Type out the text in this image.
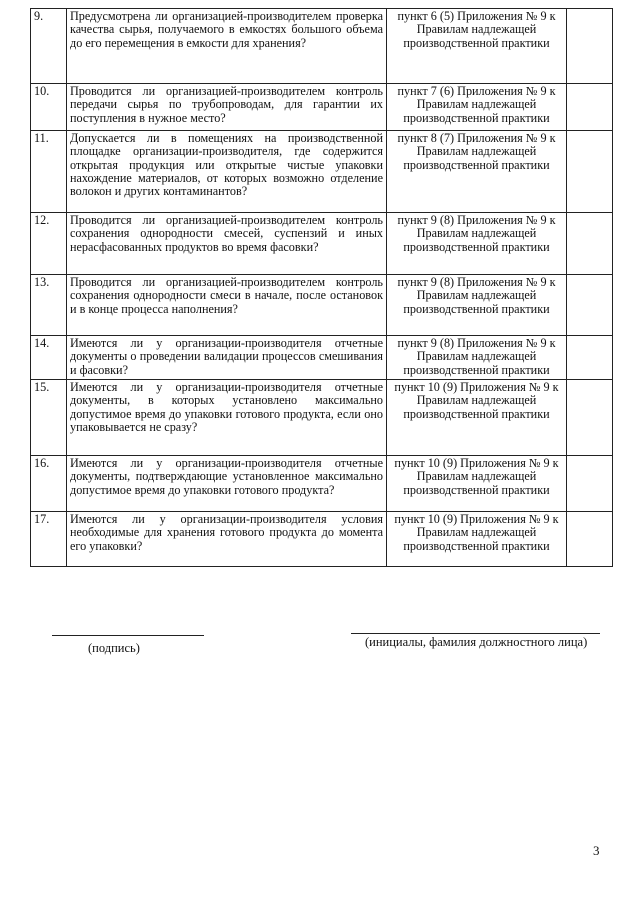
9.	Предусмотрена ли организацией-производителем проверка качества сырья, получаемого в емкостях большого объема до его перемещения в емкости для хранения?	пункт 6 (5) Приложения № 9 к Правилам надлежащей производственной практики	
10.	Проводится ли организацией-производителем контроль передачи сырья по трубопроводам, для гарантии их поступления в нужное место?	пункт 7 (6) Приложения № 9 к Правилам надлежащей производственной практики	
11.	Допускается ли в помещениях на производственной площадке организации-производителя, где содержится открытая продукция или открытые чистые упаковки нахождение материалов, от которых возможно отделение волокон и других контаминантов?	пункт 8 (7) Приложения № 9 к Правилам надлежащей производственной практики	
12.	Проводится ли организацией-производителем контроль сохранения однородности смесей, суспензий и иных нерасфасованных продуктов во время фасовки?	пункт 9 (8) Приложения № 9 к Правилам надлежащей производственной практики	
13.	Проводится ли организацией-производителем контроль сохранения однородности смеси в начале, после остановок и в конце процесса наполнения?	пункт 9 (8) Приложения № 9 к Правилам надлежащей производственной практики	
14.	Имеются ли у организации-производителя отчетные документы о проведении валидации процессов смешивания и фасовки?	пункт 9 (8) Приложения № 9 к Правилам надлежащей производственной практики	
15.	Имеются ли у организации-производителя отчетные документы, в которых установлено максимально допустимое время до упаковки готового продукта, если оно упаковывается не сразу?	пункт 10 (9) Приложения № 9 к Правилам надлежащей производственной практики	
16.	Имеются ли у организации-производителя отчетные документы, подтверждающие установленное максимально допустимое время до упаковки готового продукта?	пункт 10 (9) Приложения № 9 к Правилам надлежащей производственной практики	
17.	Имеются ли у организации-производителя условия необходимые для хранения готового продукта до момента его упаковки?	пункт 10 (9) Приложения № 9 к Правилам надлежащей производственной практики	
(подпись)	(инициалы, фамилия должностного лица)
3
